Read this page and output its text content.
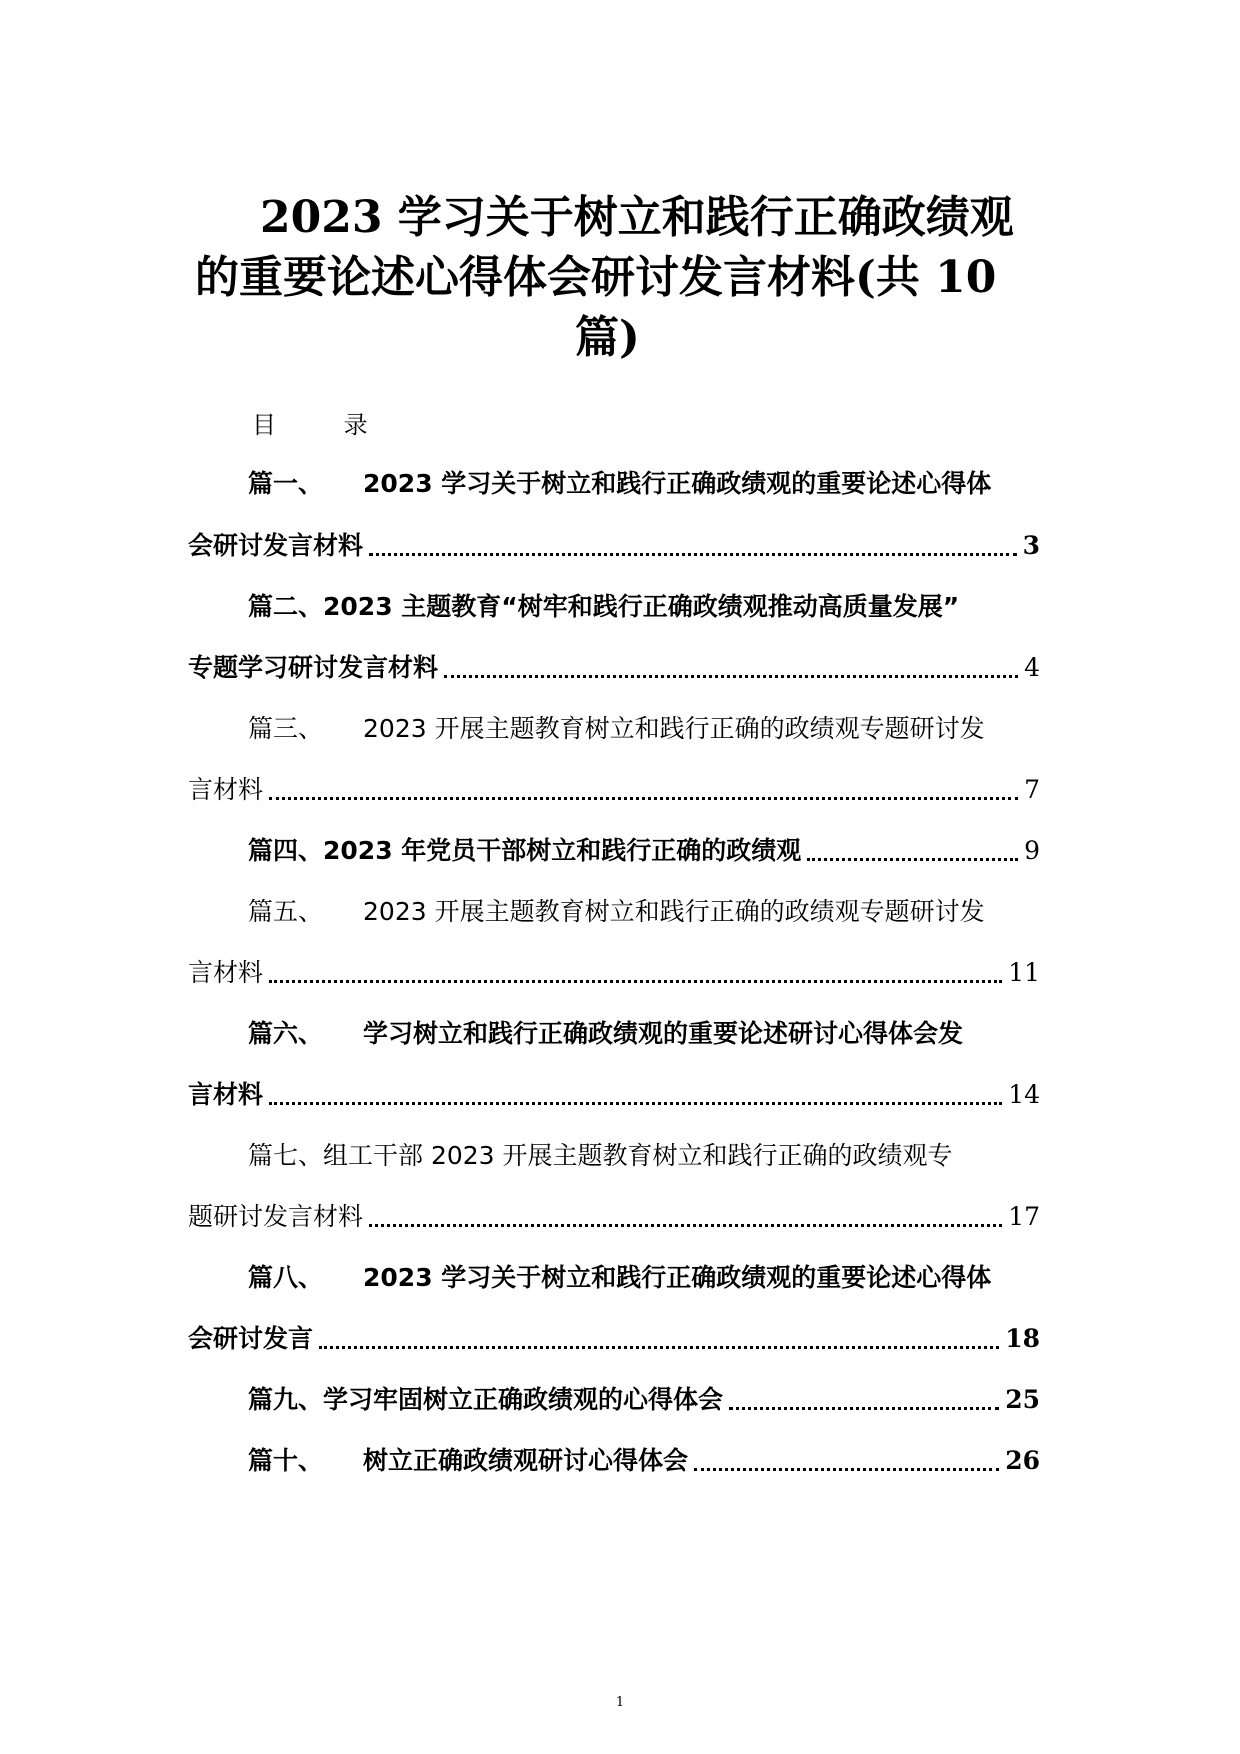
2023 学习关于树立和践行正确政绩观
的重要论述心得体会研讨发言材料(共 10
篇)
目 录
篇一、 2023 学习关于树立和践行正确政绩观的重要论述心得体
会研讨发言材料	3
篇二、 2023 主题教育“树牢和践行正确政绩观推动高质量发展”
专题学习研讨发言材料	4
篇三、 2023 开展主题教育树立和践行正确的政绩观专题研讨发
言材料	7
篇四、 2023 年党员干部树立和践行正确的政绩观	9
篇五、 2023 开展主题教育树立和践行正确的政绩观专题研讨发
言材料	11
篇六、 学习树立和践行正确政绩观的重要论述研讨心得体会发
言材料	14
篇七、 组工干部 2023 开展主题教育树立和践行正确的政绩观专
题研讨发言材料	17
篇八、 2023 学习关于树立和践行正确政绩观的重要论述心得体
会研讨发言	18
篇九、 学习牢固树立正确政绩观的心得体会	25
篇十、 树立正确政绩观研讨心得体会	26
1
